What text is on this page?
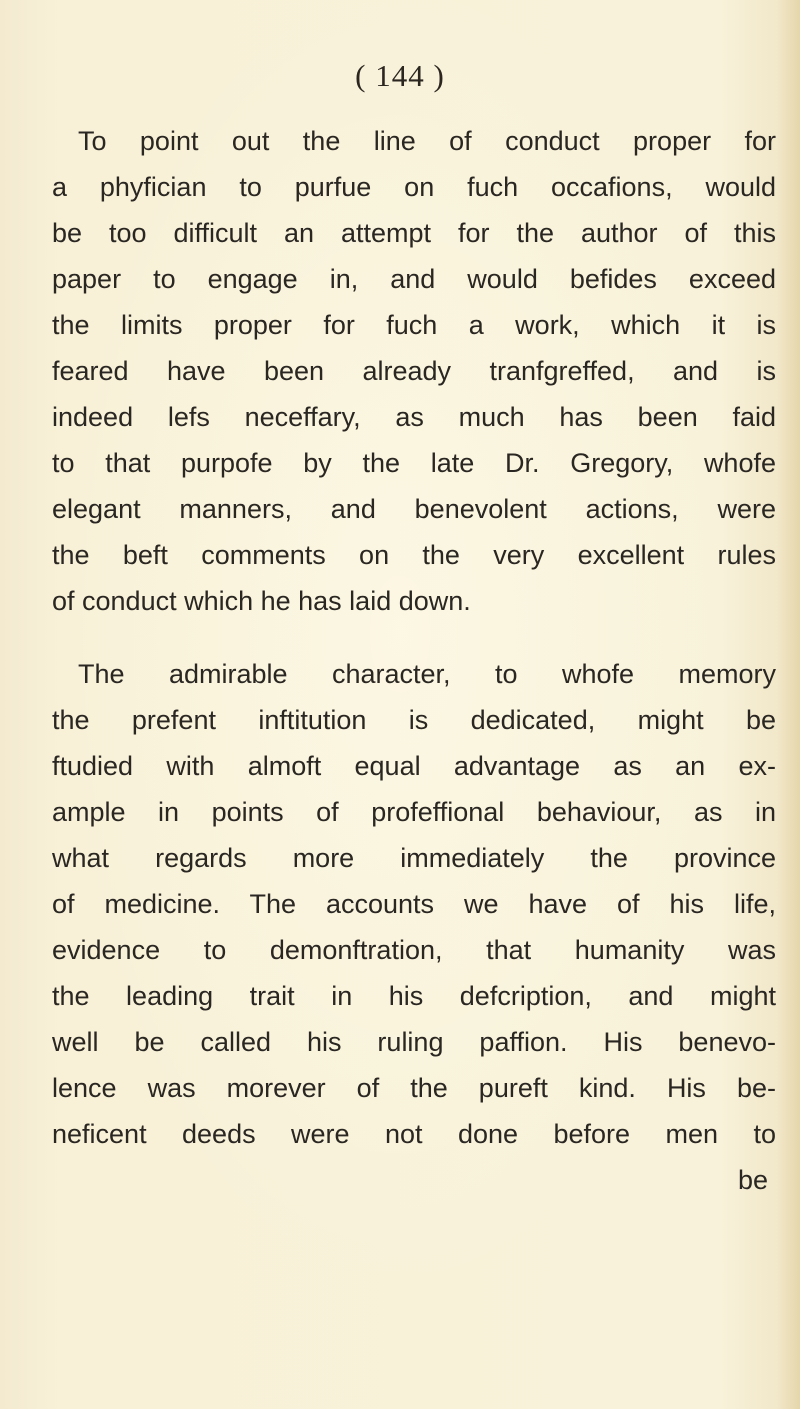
( 144 )
To point out the line of conduct proper for
a phyfician to purfue on fuch occafions, would
be too difficult an attempt for the author of this
paper to engage in, and would befides exceed
the limits proper for fuch a work, which it is
feared have been already tranfgreffed, and is
indeed lefs neceffary, as much has been faid
to that purpofe by the late Dr. Gregory, whofe
elegant manners, and benevolent actions, were
the beft comments on the very excellent rules
of conduct which he has laid down.
The admirable character, to whofe memory
the prefent inftitution is dedicated, might be
ftudied with almoft equal advantage as an ex-
ample in points of profeffional behaviour, as in
what regards more immediately the province
of medicine. The accounts we have of his life,
evidence to demonftration, that humanity was
the leading trait in his defcription, and might
well be called his ruling paffion. His benevo-
lence was morever of the pureft kind. His be-
neficent deeds were not done before men to
be
